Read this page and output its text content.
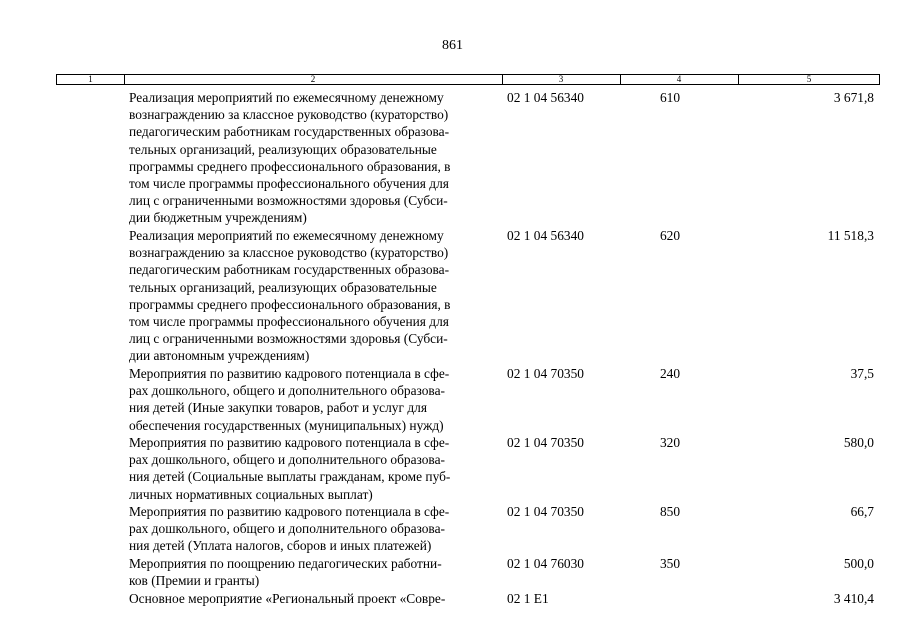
861
1	2	3	4	5
Реализация мероприятий по ежемесячному денежному
вознаграждению за классное руководство (кураторство)
педагогическим работникам государственных образова-
тельных организаций, реализующих образовательные
программы среднего профессионального образования, в
том числе программы профессионального обучения для
лиц с ограниченными возможностями здоровья (Субси-
дии бюджетным учреждениям)
02 1 04 56340	610	3 671,8
Реализация мероприятий по ежемесячному денежному
вознаграждению за классное руководство (кураторство)
педагогическим работникам государственных образова-
тельных организаций, реализующих образовательные
программы среднего профессионального образования, в
том числе программы профессионального обучения для
лиц с ограниченными возможностями здоровья (Субси-
дии автономным учреждениям)
02 1 04 56340	620	11 518,3
Мероприятия по развитию кадрового потенциала в сфе-
рах дошкольного, общего и дополнительного образова-
ния детей (Иные закупки товаров, работ и услуг для
обеспечения государственных (муниципальных) нужд)
02 1 04 70350	240	37,5
Мероприятия по развитию кадрового потенциала в сфе-
рах дошкольного, общего и дополнительного образова-
ния детей (Социальные выплаты гражданам, кроме пуб-
личных нормативных социальных выплат)
02 1 04 70350	320	580,0
Мероприятия по развитию кадрового потенциала в сфе-
рах дошкольного, общего и дополнительного образова-
ния детей (Уплата налогов, сборов и иных платежей)
02 1 04 70350	850	66,7
Мероприятия по поощрению педагогических работни-
ков (Премии и гранты)
02 1 04 76030	350	500,0
Основное мероприятие «Региональный проект «Совре-	02 1 E1	3 410,4
